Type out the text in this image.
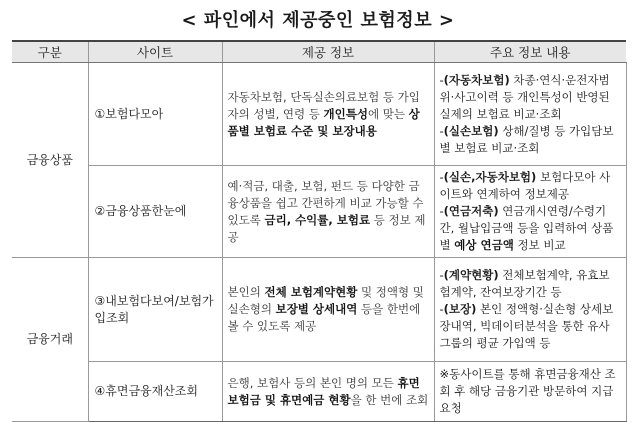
< 파인에서 제공중인 보험정보 >
구분	사이트	제공 정보	주요 정보 내용
금융상품	①보험다모아	자동차보험, 단독실손의료보험 등 가입자의 성별, 연령 등 개인특성에 맞는 상품별 보험료 수준 및 보장내용	-(자동차보험) 차종·연식·운전자범위·사고이력 등 개인특성이 반영된 실제의 보험료 비교·조회
-(실손보험) 상해/질병 등 가입담보별 보험료 비교·조회

	②금융상품한눈에	예·적금, 대출, 보험, 펀드 등 다양한 금융상품을 쉽고 간편하게 비교 가능할 수 있도록 금리, 수익률, 보험료 등 정보 제공	-(실손,자동차보험) 보험다모아 사이트와 연계하여 정보제공
-(연금저축) 연금개시연령/수령기간, 월납입금액 등을 입력하여 상품별 예상 연금액 정보 비교

금융거래	③내보험다보여/보험가입조회	본인의 전체 보험계약현황 및 정액형 및 실손형의 보장별 상세내역 등을 한번에 볼 수 있도록 제공	-(계약현황) 전체보험계약, 유효보험계약, 잔여보장기간 등
-(보장) 본인 정액형·실손형 상세보장내역, 빅데이터분석을 통한 유사그룹의 평균 가입액 등

	④휴면금융재산조회	은행, 보험사 등의 본인 명의 모든 휴면보험금 및 휴면예금 현황을 한 번에 조회	※동사이트를 통해 휴면금융재산 조회 후 해당 금융기관 방문하여 지급 요청
